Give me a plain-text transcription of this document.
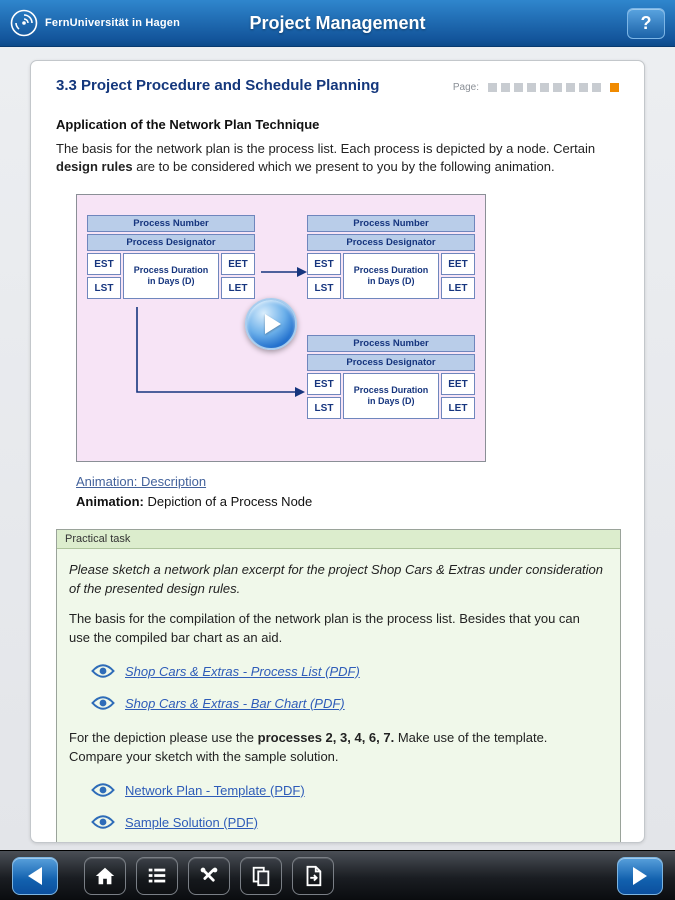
FernUniversität in Hagen	Project Management	?
3.3 Project Procedure and Schedule Planning	Page:
Application of the Network Plan Technique

The basis for the network plan is the process list. Each process is depicted by a node. Certain design rules are to be considered which we present to you by the following animation.

Process Number		
Process Designator		
EST	Process Duration
in Days (D)	EET
LST		LET
Process Number		
Process Designator		
EST	Process Duration
in Days (D)	EET
LST		LET
Process Number		
Process Designator		
EST	Process Duration
in Days (D)	EET
LST		LET
Animation: Description

Animation: Depiction of a Process Node

Practical task

Please sketch a network plan excerpt for the project Shop Cars & Extras under consideration of the presented design rules.

The basis for the compilation of the network plan is the process list. Besides that you can use the compiled bar chart as an aid.

Shop Cars & Extras - Process List (PDF)
Shop Cars & Extras - Bar Chart (PDF)

For the depiction please use the processes 2, 3, 4, 6, 7. Make use of the template. Compare your sketch with the sample solution.

Network Plan - Template (PDF)
Sample Solution (PDF)
